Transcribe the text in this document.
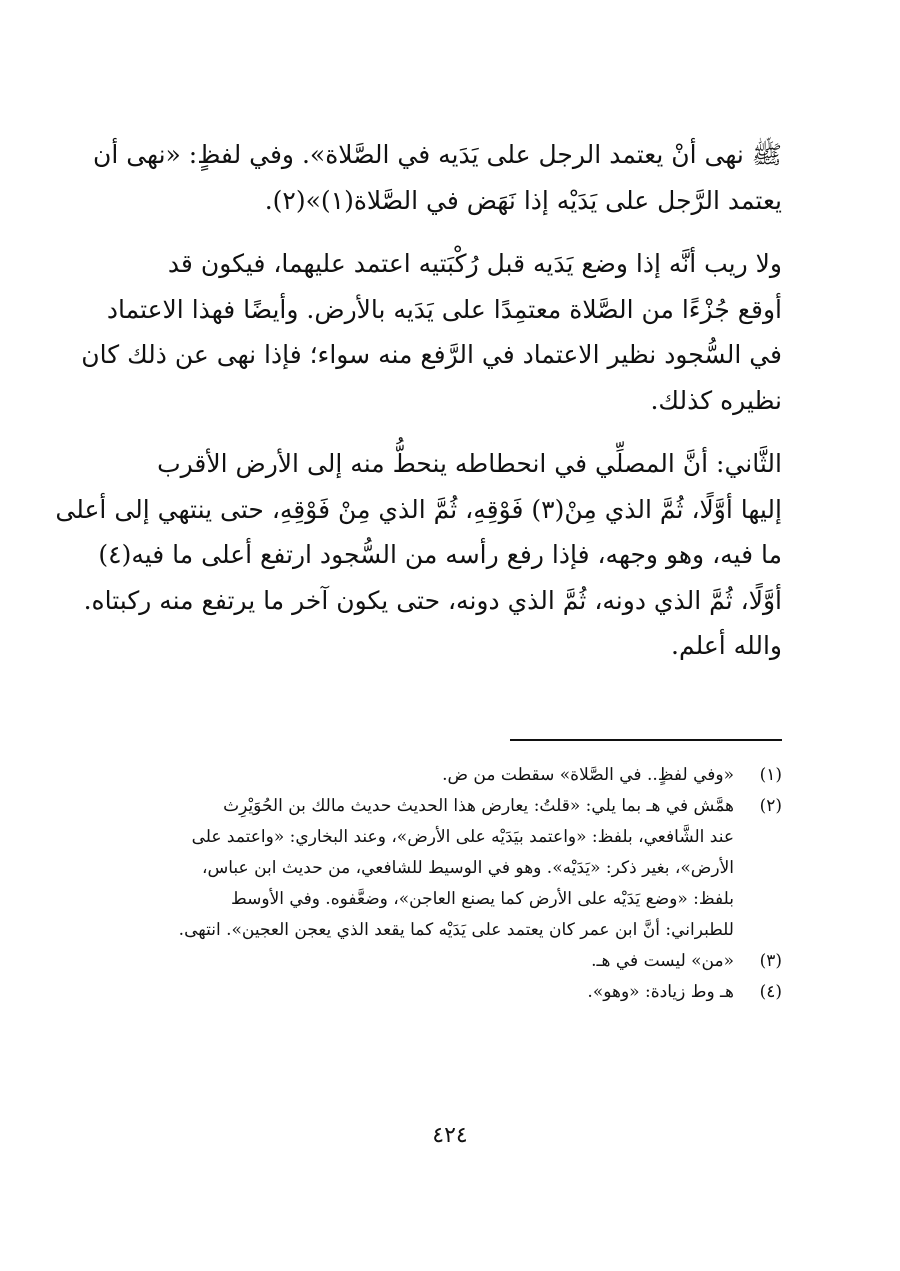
ﷺ نهى أنْ يعتمد الرجل على يَدَيه في الصَّلاة». وفي لفظٍ: «نهى أن
يعتمد الرَّجل على يَدَيْه إذا نَهَض في الصَّلاة(١)»(٢).

ولا ريب أنَّه إذا وضع يَدَيه قبل رُكْبَتيه اعتمد عليهما، فيكون قد
أوقع جُزْءًا من الصَّلاة معتمِدًا على يَدَيه بالأرض. وأيضًا فهذا الاعتماد
في السُّجود نظير الاعتماد في الرَّفع منه سواء؛ فإذا نهى عن ذلك كان
نظيره كذلك.

الثَّاني: أنَّ المصلِّي في انحطاطه ينحطُّ منه إلى الأرض الأقرب
إليها أوَّلًا، ثُمَّ الذي مِنْ(٣) فَوْقِهِ، ثُمَّ الذي مِنْ فَوْقِهِ، حتى ينتهي إلى أعلى
ما فيه، وهو وجهه، فإذا رفع رأسه من السُّجود ارتفع أعلى ما فيه(٤)
أوَّلًا، ثُمَّ الذي دونه، ثُمَّ الذي دونه، حتى يكون آخر ما يرتفع منه ركبتاه.
والله أعلم.

(١)
«وفي لفظٍ.. في الصَّلاة» سقطت من ض.
(٢)
همَّش في هـ بما يلي: «قلتُ: يعارض هذا الحديث حديث مالك بن الحُوَيْرِث
عند الشَّافعي، بلفظ: «واعتمد بيَدَيْه على الأرض»، وعند البخاري: «واعتمد على
الأرض»، بغير ذكر: «يَدَيْه». وهو في الوسيط للشافعي، من حديث ابن عباس،
بلفظ: «وضع يَدَيْه على الأرض كما يصنع العاجن»، وضعَّفوه. وفي الأوسط
للطبراني: أنَّ ابن عمر كان يعتمد على يَدَيْه كما يقعد الذي يعجن العجين». انتهى.
(٣)
«من» ليست في هـ.
(٤)
هـ وط زيادة: «وهو».
٤٢٤
